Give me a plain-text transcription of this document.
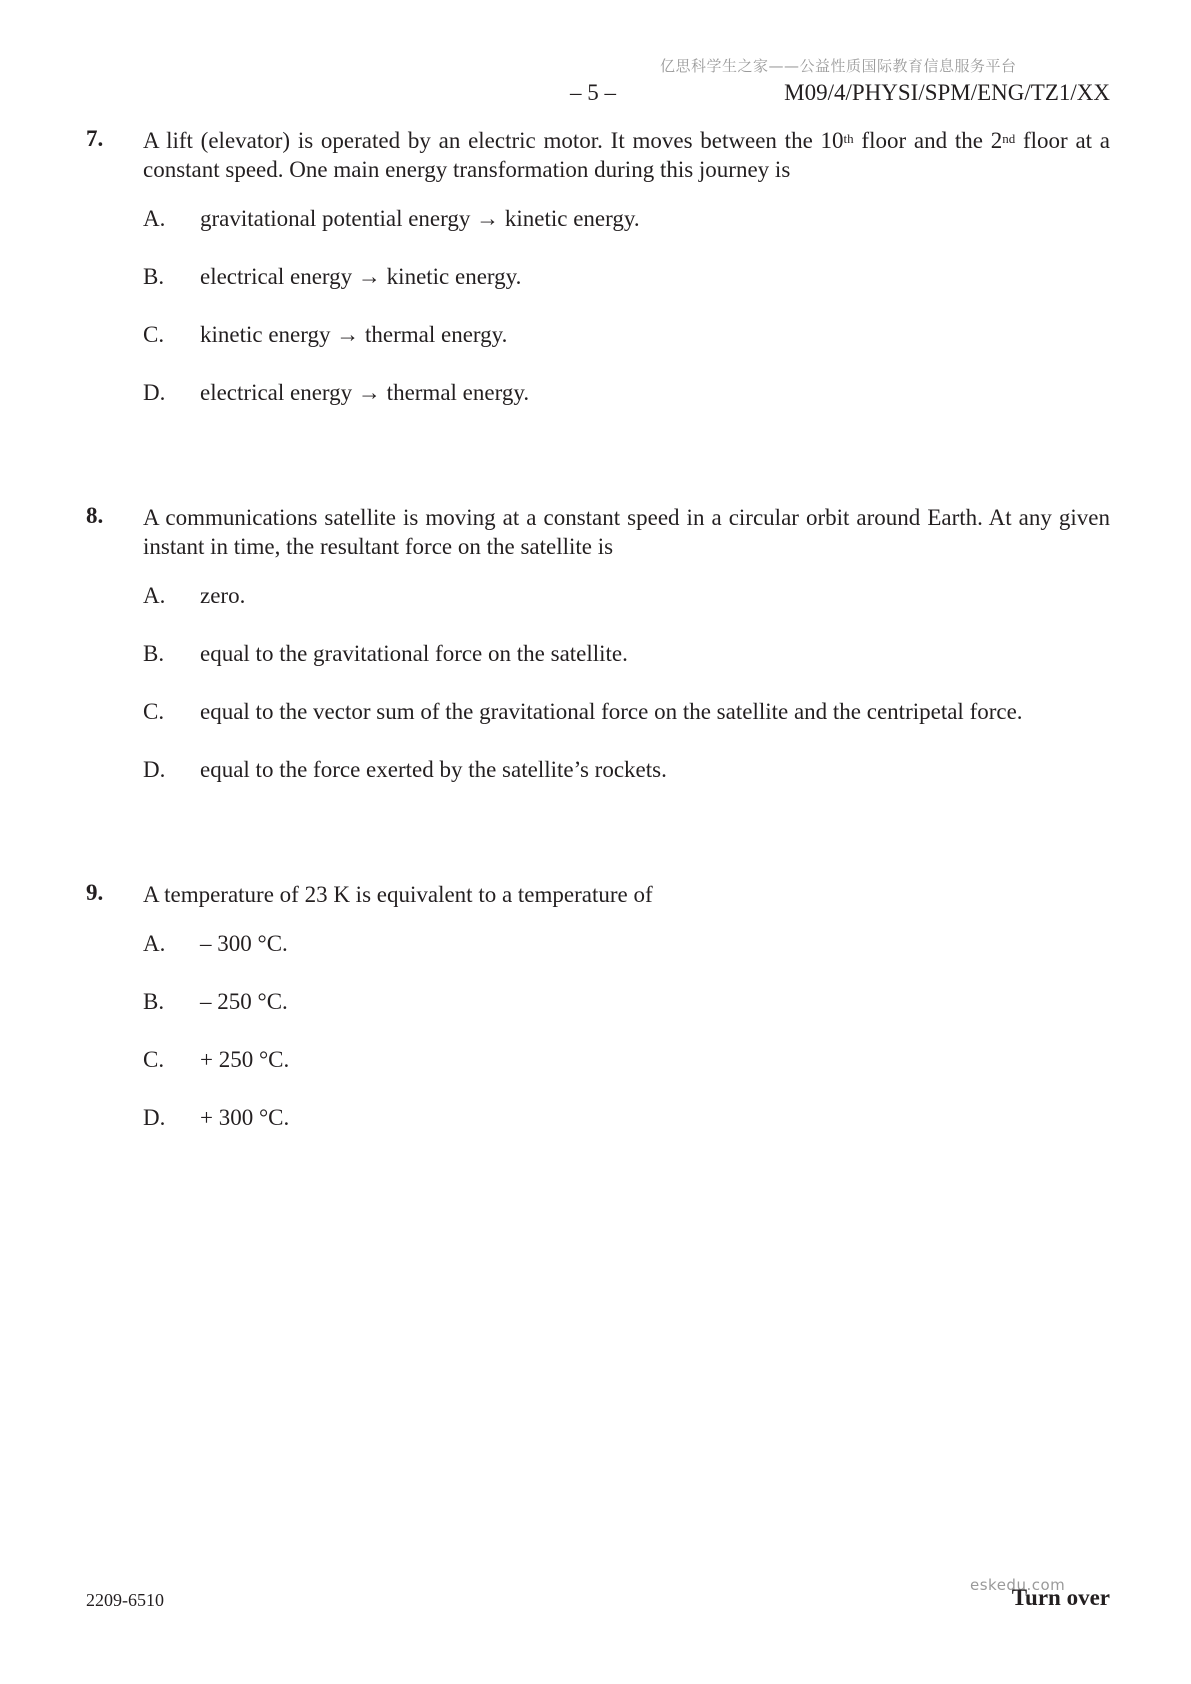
亿思科学生之家——公益性质国际教育信息服务平台
– 5 –	M09/4/PHYSI/SPM/ENG/TZ1/XX
7. A lift (elevator) is operated by an electric motor. It moves between the 10th floor and the 2nd floor at a constant speed. One main energy transformation during this journey is
A.	gravitational potential energy → kinetic energy.
B.	electrical energy → kinetic energy.
C.	kinetic energy → thermal energy.
D.	electrical energy → thermal energy.
8. A communications satellite is moving at a constant speed in a circular orbit around Earth. At any given instant in time, the resultant force on the satellite is
A.	zero.
B.	equal to the gravitational force on the satellite.
C.	equal to the vector sum of the gravitational force on the satellite and the centripetal force.
D.	equal to the force exerted by the satellite’s rockets.
9. A temperature of 23 K is equivalent to a temperature of
A.	– 300 °C.
B.	– 250 °C.
C.	+ 250 °C.
D.	+ 300 °C.
2209-6510
eskedu.com
Turn over
